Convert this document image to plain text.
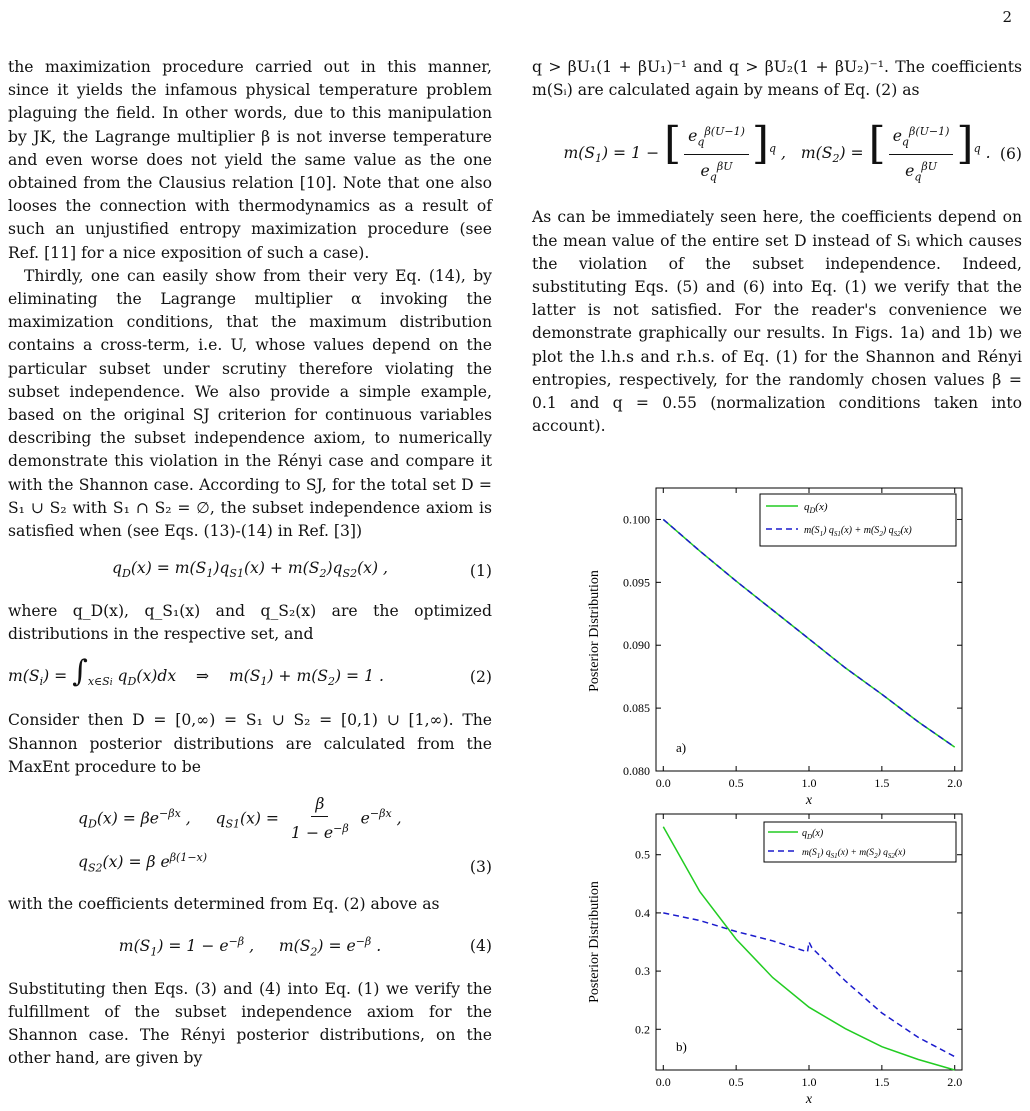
2

the maximization procedure carried out in this manner, since it yields the infamous physical temperature problem plaguing the field. In other words, due to this manipulation by JK, the Lagrange multiplier β is not inverse temperature and even worse does not yield the same value as the one obtained from the Clausius relation [10]. Note that one also looses the connection with thermodynamics as a result of such an unjustified entropy maximization procedure (see Ref. [11] for a nice exposition of such a case).

Thirdly, one can easily show from their very Eq. (14), by eliminating the Lagrange multiplier α invoking the maximization conditions, that the maximum distribution contains a cross-term, i.e. U, whose values depend on the particular subset under scrutiny therefore violating the subset independence. We also provide a simple example, based on the original SJ criterion for continuous variables describing the subset independence axiom, to numerically demonstrate this violation in the Rényi case and compare it with the Shannon case. According to SJ, for the total set D = S₁ ∪ S₂ with S₁ ∩ S₂ = ∅, the subset independence axiom is satisfied when (see Eqs. (13)-(14) in Ref. [3])

$q_D(x) = m(S_1)q_{S1}(x) + m(S_2)q_{S2}(x)$ ,	(1)

where q_D(x), q_S₁(x) and q_S₂(x) are the optimized distributions in the respective set, and

$m(S_i) = \int_{x\in Si}$ $q_D(x)dx$    ⇒    $m(S_1) + m(S_2) = 1$ .	(2)

Consider then D = [0,∞) = S₁ ∪ S₂ = [0,1) ∪ [1,∞). The Shannon posterior distributions are calculated from the MaxEnt procedure to be

$q_D(x) = \beta e^{-\beta x}$ ,     $q_{S1}(x) = \frac{\beta}{1 - e^{-\beta}} e^{-\beta x}$ ,
$q_{S2}(x) = \beta$ $e^{\beta(1-x)}$
(3)

with the coefficients determined from Eq. (2) above as

$m(S_1) = 1 - e^{-\beta}$ ,     $m(S_2) = e^{-\beta}$ .	(4)

Substituting then Eqs. (3) and (4) into Eq. (1) we verify the fulfillment of the subset independence axiom for the Shannon case. The Rényi posterior distributions, on the other hand, are given by

q > βU₁(1 + βU₁)⁻¹ and q > βU₂(1 + βU₂)⁻¹. The coefficients m(Sᵢ) are calculated again by means of Eq. (2) as

$m(S_1) = 1$ − [ $\frac{e_q^{\beta(U-1)}}{e_q^{\beta U}} ]^q$ ,   $m(S_2)$ = [ $\frac{e_q^{\beta(U-1)}}{e_q^{\beta U}} ]^q$ . (6)

As can be immediately seen here, the coefficients depend on the mean value of the entire set D instead of Sᵢ which causes the violation of the subset independence. Indeed, substituting Eqs. (5) and (6) into Eq. (1) we verify that the latter is not satisfied. For the reader's convenience we demonstrate graphically our results. In Figs. 1a) and 1b) we plot the l.h.s and r.h.s. of Eq. (1) for the Shannon and Rényi entropies, respectively, for the randomly chosen values β = 0.1 and q = 0.55 (normalization conditions taken into account).

0.0	0.5	1.0	1.5	2.0
0.080
0.085
0.090
0.095
0.100
Posterior Distribution
x
a)
$q_D(x)$
$m(S_1) q_{S1}(x) + m(S_2)$ $q_{S2}(x)$
0.0	0.5	1.0	1.5	2.0
0.2
0.3
0.4
0.5
Posterior Distribution
x
b)
$q_D(x)$
$m(S_1) q_{S1}(x) + m(S_2)$ $q_{S2}(x)$
